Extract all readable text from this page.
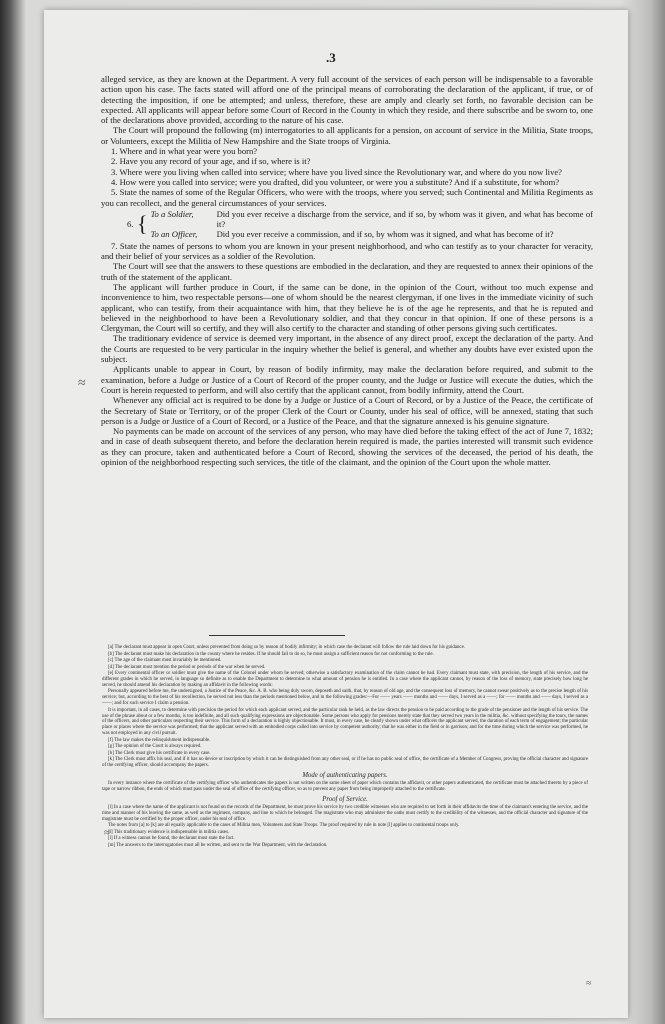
.3

alleged service, as they are known at the Department. A very full account of the services of each person will be indispensable to a favorable action upon his case. The facts stated will afford one of the principal means of corroborating the declaration of the applicant, if true, or of detecting the imposition, if one be attempted; and unless, therefore, these are amply and clearly set forth, no favorable decision can be expected. All applicants will appear before some Court of Record in the County in which they reside, and there subscribe and be sworn to, one of the declarations above provided, according to the nature of his case.

The Court will propound the following (m) interrogatories to all applicants for a pension, on account of service in the Militia, State troops, or Volunteers, except the Militia of New Hampshire and the State troops of Virginia.

1. Where and in what year were you born?

2. Have you any record of your age, and if so, where is it?

3. Where were you living when called into service; where have you lived since the Revolutionary war, and where do you now live?

4. How were you called into service; were you drafted, did you volunteer, or were you a substitute? And if a substitute, for whom?

5. State the names of some of the Regular Officers, who were with the troops, where you served; such Continental and Militia Regiments as you can recollect, and the general circumstances of your services.

6. { To a Soldier,	Did you ever receive a discharge from the service, and if so, by whom was it given, and what has become of it?
To an Officer,	Did you ever receive a commission, and if so, by whom was it signed, and what has become of it?

7. State the names of persons to whom you are known in your present neighborhood, and who can testify as to your character for veracity, and their belief of your services as a soldier of the Revolution.

The Court will see that the answers to these questions are embodied in the declaration, and they are requested to annex their opinions of the truth of the statement of the applicant.

The applicant will further produce in Court, if the same can be done, in the opinion of the Court, without too much expense and inconvenience to him, two respectable persons—one of whom should be the nearest clergyman, if one lives in the immediate vicinity of such applicant, who can testify, from their acquaintance with him, that they believe he is of the age he represents, and that he is reputed and believed in the neighborhood to have been a Revolutionary soldier, and that they concur in that opinion. If one of these persons is a Clergyman, the Court will so certify, and they will also certify to the character and standing of other persons giving such certificates.

The traditionary evidence of service is deemed very important, in the absence of any direct proof, except the declaration of the party. And the Courts are requested to be very particular in the inquiry whether the belief is general, and whether any doubts have ever existed upon the subject.

Applicants unable to appear in Court, by reason of bodily infirmity, may make the declaration before required, and submit to the examination, before a Judge or Justice of a Court of Record of the proper county, and the Judge or Justice will execute the duties, which the Court is herein requested to perform, and will also certify that the applicant cannot, from bodily infirmity, attend the Court.

Whenever any official act is required to be done by a Judge or Justice of a Court of Record, or by a Justice of the Peace, the certificate of the Secretary of State or Territory, or of the proper Clerk of the Court or County, under his seal of office, will be annexed, stating that such person is a Judge or Justice of a Court of Record, or a Justice of the Peace, and that the signature annexed is his genuine signature.

No payments can be made on account of the services of any person, who may have died before the taking effect of the act of June 7, 1832; and in case of death subsequent thereto, and before the declaration herein required is made, the parties interested will transmit such evidence as they can procure, taken and authenticated before a Court of Record, showing the services of the deceased, the period of his death, the opinion of the neighborhood respecting such services, the title of the claimant, and the opinion of the Court upon the whole matter.

[a] The declarant must appear in open Court, unless prevented from doing so by reason of bodily infirmity; in which case the declarant will follow the rule laid down for his guidance.

[b] The declarant must make his declaration in the county where he resides. If he should fail to do so, he must assign a sufficient reason for not conforming to the rule.

[c] The age of the claimant must invariably be mentioned.

[d] The declarant must mention the period or periods of the war when he served.

[e] Every continental officer or soldier must give the name of the Colonel under whom he served; otherwise a satisfactory examination of the claim cannot be had. Every claimant must state, with precision, the length of his service, and the different grades in which he served, in language so definite as to enable the Department to determine to what amount of pension he is entitled. In a case where the applicant cannot, by reason of the loss of memory, state precisely how long he served, he should amend his declaration by making an affidavit in the following words:

Personally appeared before me, the undersigned, a Justice of the Peace, &c. A. B. who being duly sworn, deposeth and saith, that, by reason of old age, and the consequent loss of memory, he cannot swear positively as to the precise length of his service; but, according to the best of his recollection, he served not less than the periods mentioned below, and in the following grades:—For —— years —— months and —— days, I served as a ——; for —— months and —— days, I served as a ——; and for such service I claim a pension.

It is important, in all cases, to determine with precision the period for which each applicant served, and the particular rank he held, as the law directs the pension to be paid according to the grade of the pensioner and the length of his service. The use of the phrase about or a few months, is too indefinite, and all such qualifying expressions are objectionable. Some persons who apply for pensions merely state that they served two years in the militia, &c. without specifying the tours, the names of the officers, and other particulars respecting their service. This form of a declaration is highly objectionable. It must, in every case, be clearly shown under what officers the applicant served, the duration of each term of engagement; the particular place or places where the service was performed; that the applicant served with an embodied corps called into service by competent authority; that he was either in the field or in garrison; and for the time during which the service was performed, he was not employed in any civil pursuit.

[f] The law makes the relinquishment indispensable.

[g] The opinion of the Court is always required.

[h] The Clerk must give his certificate in every case.

[k] The Clerk must affix his seal, and if it has no device or inscription by which it can be distinguished from any other seal, or if he has no public seal of office, the certificate of a Member of Congress, proving the official character and signature of the certifying officer, should accompany the papers.

Mode of authenticating papers.

In every instance where the certificate of the certifying officer who authenticates the papers is not written on the same sheet of paper which contains the affidavit, or other papers authenticated, the certificate must be attached thereto by a piece of tape or narrow ribbon, the ends of which must pass under the seal of office of the certifying officer, so as to prevent any paper from being improperly attached to the certificate.

Proof of Service.

[l] In a case where the name of the applicant is not found on the records of the Department, he must prove his service by two credible witnesses who are required to set forth in their affidavits the time of the claimant's entering the service, and the time and manner of his leaving the same, as well as the regiment, company, and line to which he belonged. The magistrate who may administer the oaths must certify to the credibility of the witnesses, and the official character and signature of the magistrate must be certified by the proper officer, under his seal of office.

The notes from [a] to [k] are all equally applicable to the cases of Militia men, Volunteers and State Troops. The proof required by rule in note [l] applies to continental troops only.

[l] This traditionary evidence is indispensable in militia cases.

[l] If a witness cannot be found, the declarant must state the fact.

[m] The answers to the interrogatories must all be written, and sent to the War Department, with the declaration.

≈
≈
≈
